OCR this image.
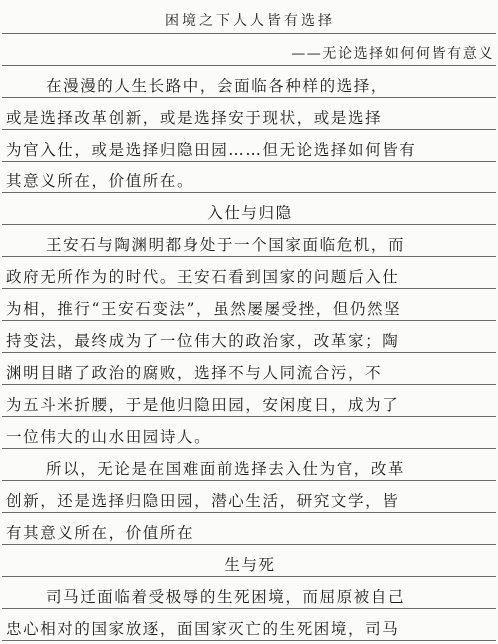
困境之下人人皆有选择
——无论选择如何何皆有意义
在漫漫的人生长路中，会面临各种样的选择，
或是选择改革创新，或是选择安于现状，或是选择
为官入仕，或是选择归隐田园……但无论选择如何皆有
其意义所在，价值所在。
入仕与归隐
王安石与陶渊明都身处于一个国家面临危机，而
政府无所作为的时代。王安石看到国家的问题后入仕
为相，推行“王安石变法”，虽然屡屡受挫，但仍然坚
持变法，最终成为了一位伟大的政治家，改革家；陶
渊明目睹了政治的腐败，选择不与人同流合污，不
为五斗米折腰，于是他归隐田园，安闲度日，成为了
一位伟大的山水田园诗人。
所以，无论是在国难面前选择去入仕为官，改革
创新，还是选择归隐田园，潜心生活，研究文学，皆
有其意义所在，价值所在
生与死
司马迁面临着受极辱的生死困境，而屈原被自己
忠心相对的国家放逐，面国家灭亡的生死困境，司马
